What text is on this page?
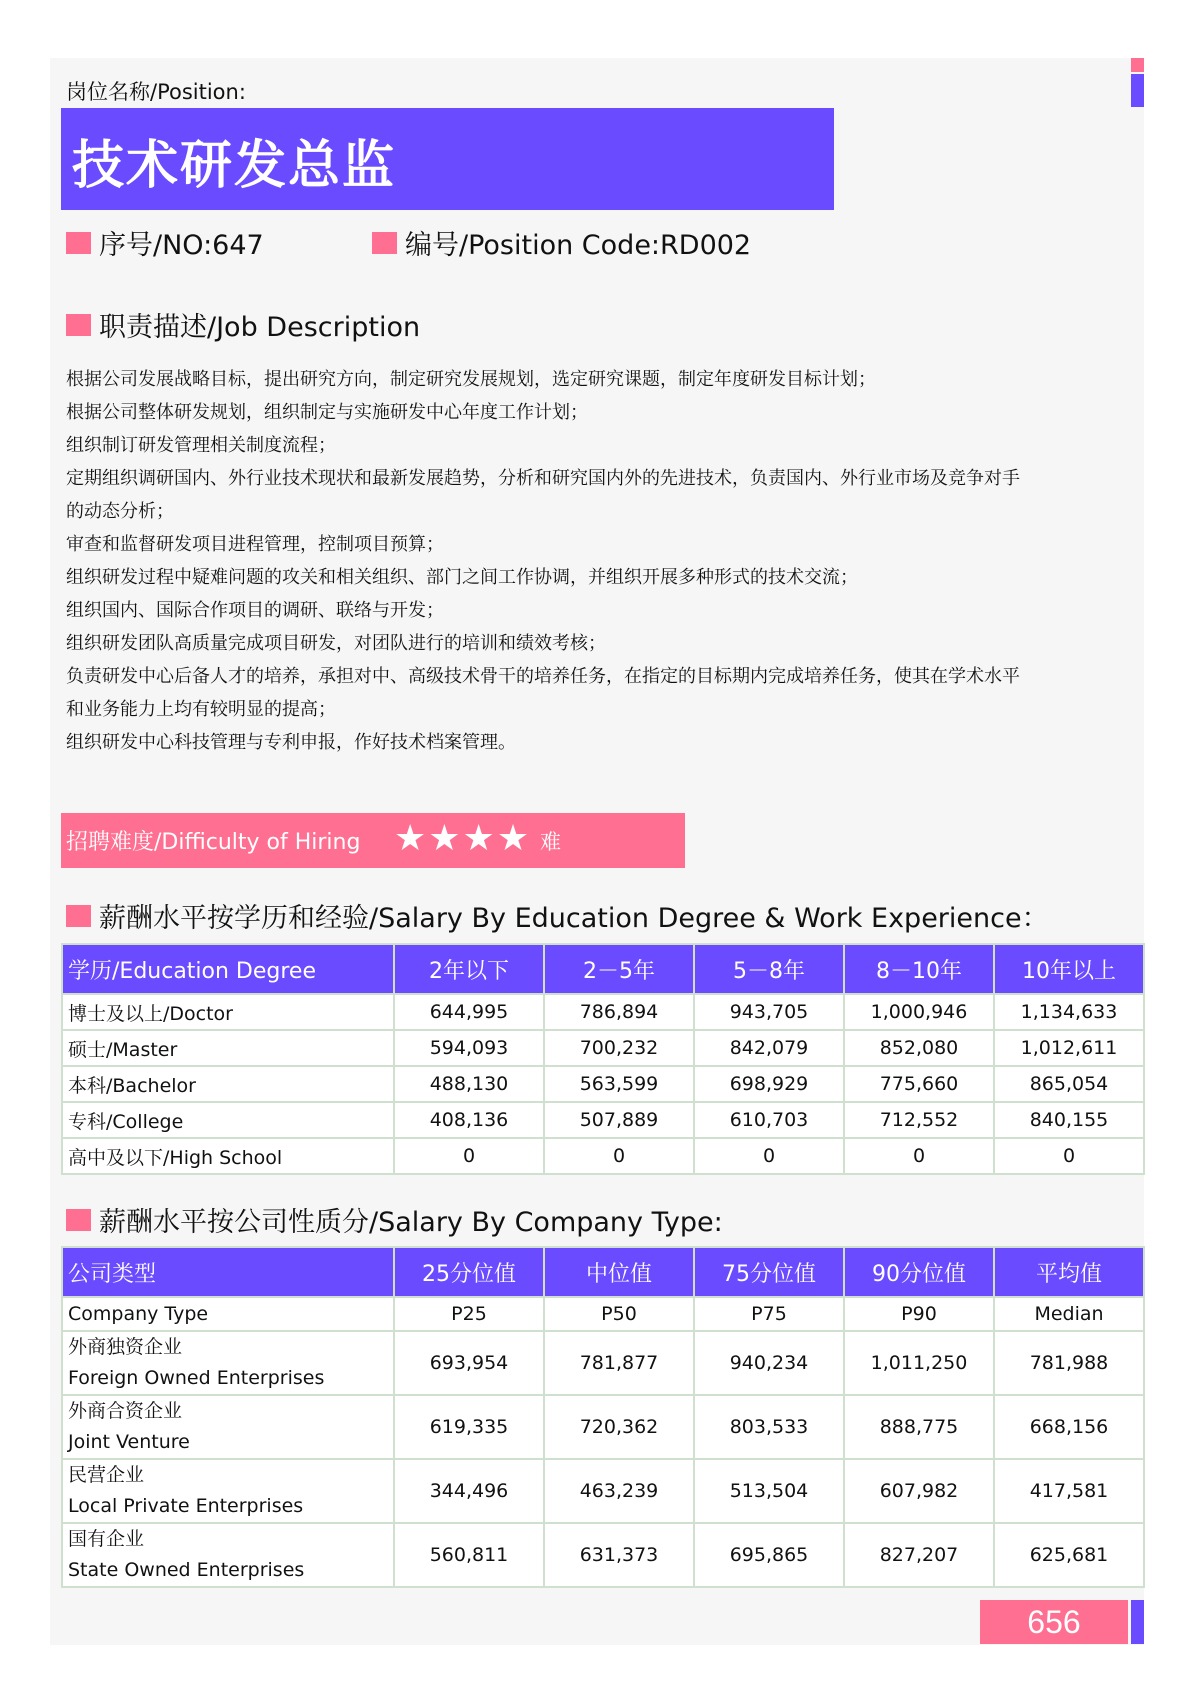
岗位名称/Position:
技术研发总监
序号/NO:647	编号/Position Code:RD002
职责描述/Job Description
根据公司发展战略目标，提出研究方向，制定研究发展规划，选定研究课题，制定年度研发目标计划；
根据公司整体研发规划，组织制定与实施研发中心年度工作计划；
组织制订研发管理相关制度流程；
定期组织调研国内、外行业技术现状和最新发展趋势，分析和研究国内外的先进技术，负责国内、外行业市场及竞争对手
的动态分析；
审查和监督研发项目进程管理，控制项目预算；
组织研发过程中疑难问题的攻关和相关组织、部门之间工作协调，并组织开展多种形式的技术交流；
组织国内、国际合作项目的调研、联络与开发；
组织研发团队高质量完成项目研发，对团队进行的培训和绩效考核；
负责研发中心后备人才的培养，承担对中、高级技术骨干的培养任务，在指定的目标期内完成培养任务，使其在学术水平
和业务能力上均有较明显的提高；
组织研发中心科技管理与专利申报，作好技术档案管理。
招聘难度/Difficulty of Hiring ★★★★ 难
薪酬水平按学历和经验/Salary By Education Degree & Work Experience：
学历/Education Degree	2年以下	2－5年	5－8年	8－10年	10年以上
博士及以上/Doctor	644,995	786,894	943,705	1,000,946	1,134,633
硕士/Master	594,093	700,232	842,079	852,080	1,012,611
本科/Bachelor	488,130	563,599	698,929	775,660	865,054
专科/College	408,136	507,889	610,703	712,552	840,155
高中及以下/High School	0	0	0	0	0
薪酬水平按公司性质分/Salary By Company Type:
公司类型	25分位值	中位值	75分位值	90分位值	平均值
Company Type	P25	P50	P75	P90	Median

外商独资企业
Foreign Owned Enterprises	693,954	781,877	940,234	1,011,250	781,988

外商合资企业
Joint Venture	619,335	720,362	803,533	888,775	668,156

民营企业
Local Private Enterprises	344,496	463,239	513,504	607,982	417,581

国有企业
State Owned Enterprises	560,811	631,373	695,865	827,207	625,681
656
